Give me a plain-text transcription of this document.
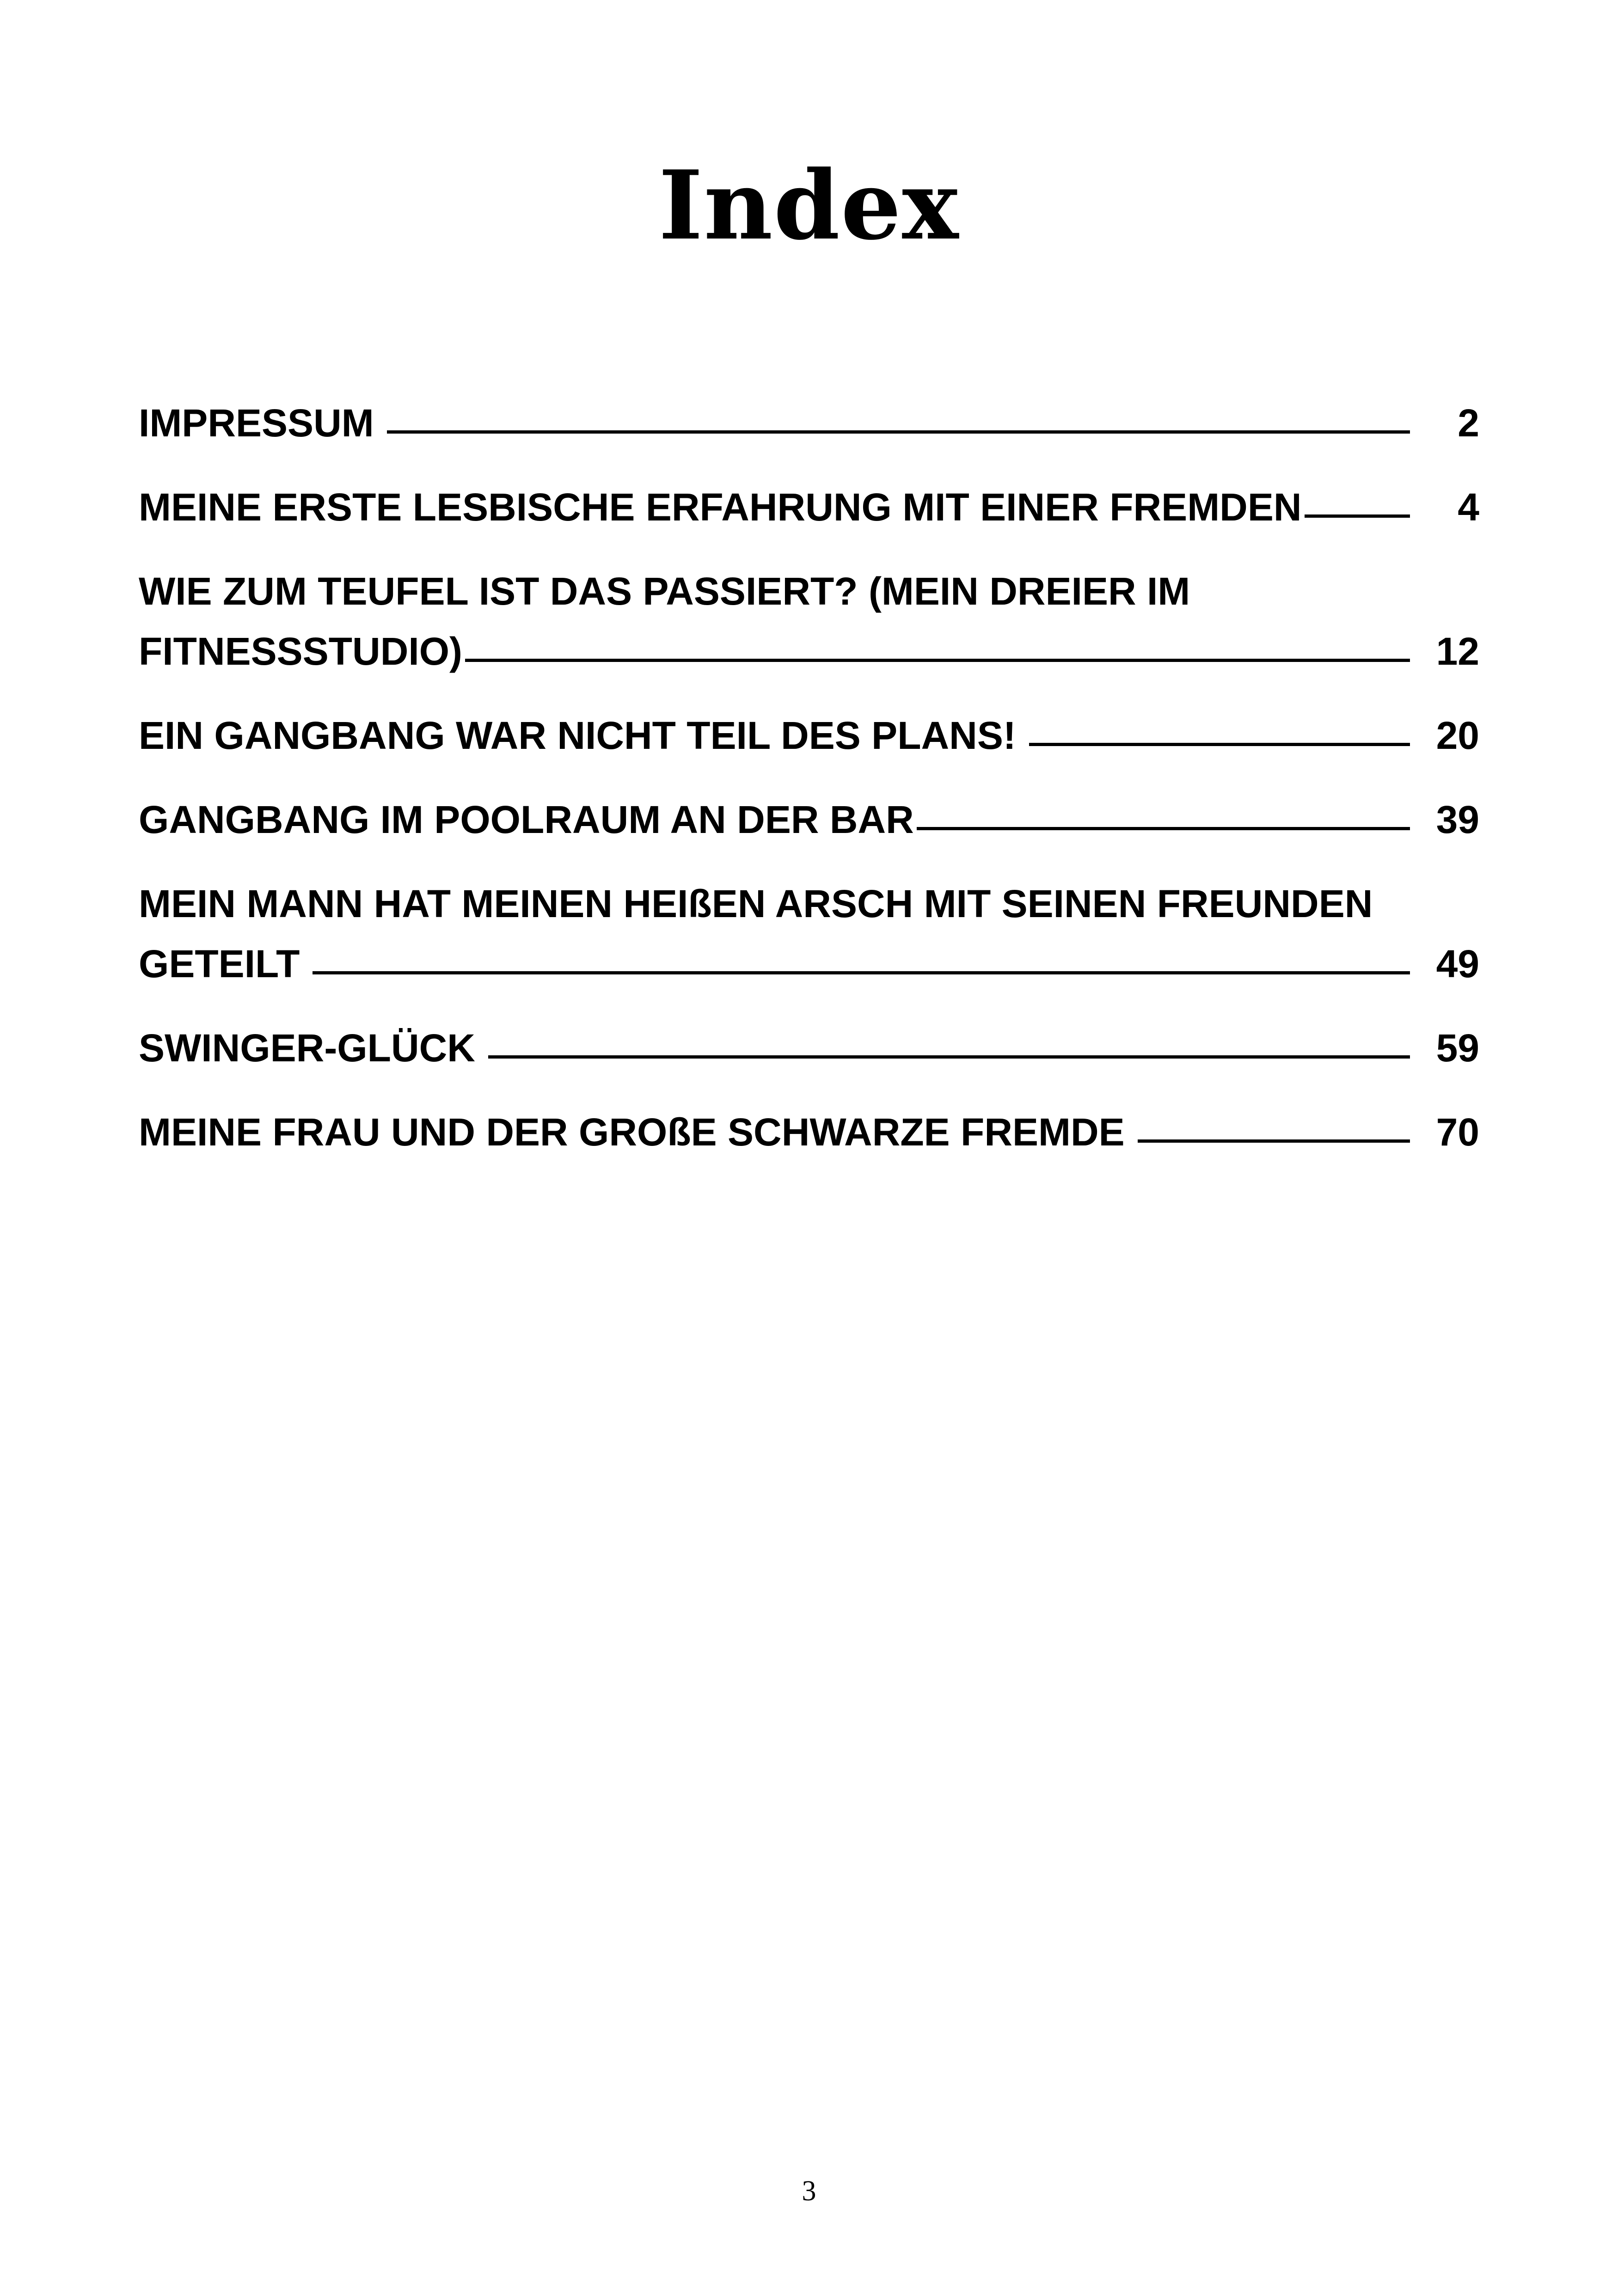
Index
IMPRESSUM	2
MEINE ERSTE LESBISCHE ERFAHRUNG MIT EINER FREMDEN	4
WIE ZUM TEUFEL IST DAS PASSIERT? (MEIN DREIER IM
FITNESSSTUDIO)	12
EIN GANGBANG WAR NICHT TEIL DES PLANS!	20
GANGBANG IM POOLRAUM AN DER BAR	39
MEIN MANN HAT MEINEN HEIßEN ARSCH MIT SEINEN FREUNDEN
GETEILT	49
SWINGER-GLÜCK	59
MEINE FRAU UND DER GROßE SCHWARZE FREMDE	70
3
